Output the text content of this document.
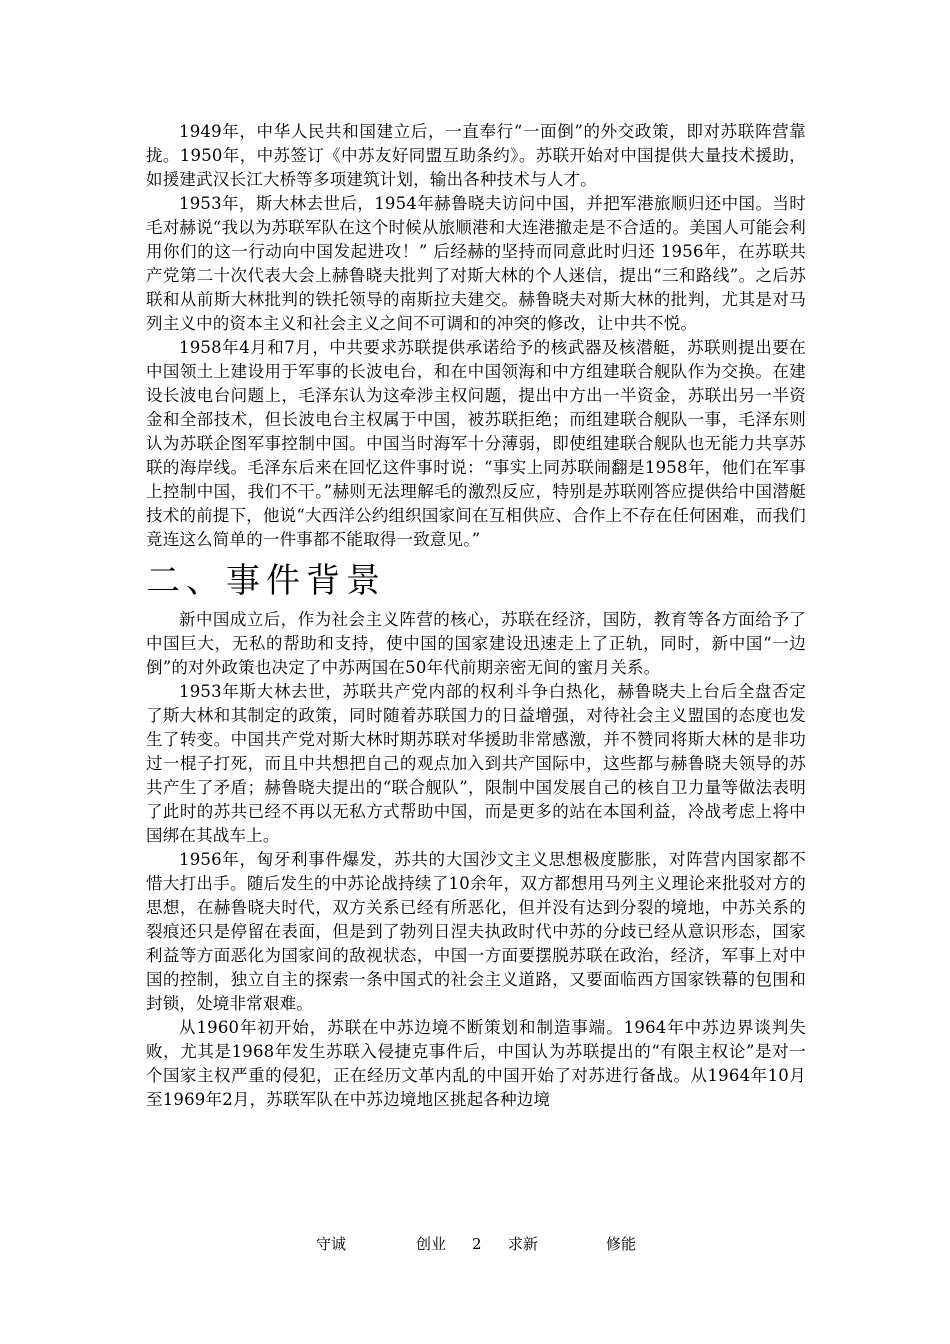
1949年，中华人民共和国建立后，一直奉行“一面倒”的外交政策，即对苏联阵营靠拢。1950年，中苏签订《中苏友好同盟互助条约》。苏联开始对中国提供大量技术援助，如援建武汉长江大桥等多项建筑计划，输出各种技术与人才。

1953年，斯大林去世后，1954年赫鲁晓夫访问中国，并把军港旅顺归还中国。当时毛对赫说“我以为苏联军队在这个时候从旅顺港和大连港撤走是不合适的。美国人可能会利用你们的这一行动向中国发起进攻！” 后经赫的坚持而同意此时归还 1956年，在苏联共产党第二十次代表大会上赫鲁晓夫批判了对斯大林的个人迷信，提出“三和路线”。之后苏联和从前斯大林批判的铁托领导的南斯拉夫建交。赫鲁晓夫对斯大林的批判，尤其是对马列主义中的资本主义和社会主义之间不可调和的冲突的修改，让中共不悦。

1958年4月和7月，中共要求苏联提供承诺给予的核武器及核潜艇，苏联则提出要在中国领土上建设用于军事的长波电台，和在中国领海和中方组建联合舰队作为交换。在建设长波电台问题上，毛泽东认为这牵涉主权问题，提出中方出一半资金，苏联出另一半资金和全部技术，但长波电台主权属于中国，被苏联拒绝；而组建联合舰队一事，毛泽东则认为苏联企图军事控制中国。中国当时海军十分薄弱，即使组建联合舰队也无能力共享苏联的海岸线。毛泽东后来在回忆这件事时说：“事实上同苏联闹翻是1958年，他们在军事上控制中国，我们不干。”赫则无法理解毛的激烈反应，特别是苏联刚答应提供给中国潜艇技术的前提下，他说“大西洋公约组织国家间在互相供应、合作上不存在任何困难，而我们竟连这么简单的一件事都不能取得一致意见。”

二、事件背景

新中国成立后，作为社会主义阵营的核心，苏联在经济，国防，教育等各方面给予了中国巨大，无私的帮助和支持，使中国的国家建设迅速走上了正轨，同时，新中国“一边倒”的对外政策也决定了中苏两国在50年代前期亲密无间的蜜月关系。

1953年斯大林去世，苏联共产党内部的权利斗争白热化，赫鲁晓夫上台后全盘否定了斯大林和其制定的政策，同时随着苏联国力的日益增强，对待社会主义盟国的态度也发生了转变。中国共产党对斯大林时期苏联对华援助非常感激，并不赞同将斯大林的是非功过一棍子打死，而且中共想把自己的观点加入到共产国际中，这些都与赫鲁晓夫领导的苏共产生了矛盾；赫鲁晓夫提出的“联合舰队”，限制中国发展自己的核自卫力量等做法表明了此时的苏共已经不再以无私方式帮助中国，而是更多的站在本国利益，冷战考虑上将中国绑在其战车上。

1956年，匈牙利事件爆发，苏共的大国沙文主义思想极度膨胀，对阵营内国家都不惜大打出手。随后发生的中苏论战持续了10余年，双方都想用马列主义理论来批驳对方的思想，在赫鲁晓夫时代，双方关系已经有所恶化，但并没有达到分裂的境地，中苏关系的裂痕还只是停留在表面，但是到了勃列日涅夫执政时代中苏的分歧已经从意识形态，国家利益等方面恶化为国家间的敌视状态，中国一方面要摆脱苏联在政治，经济，军事上对中国的控制，独立自主的探索一条中国式的社会主义道路，又要面临西方国家铁幕的包围和封锁，处境非常艰难。

从1960年初开始，苏联在中苏边境不断策划和制造事端。1964年中苏边界谈判失败，尤其是1968年发生苏联入侵捷克事件后，中国认为苏联提出的“有限主权论”是对一个国家主权严重的侵犯，正在经历文革内乱的中国开始了对苏进行备战。从1964年10月至1969年2月，苏联军队在中苏边境地区挑起各种边境

守诚	创业 2 求新	修能
